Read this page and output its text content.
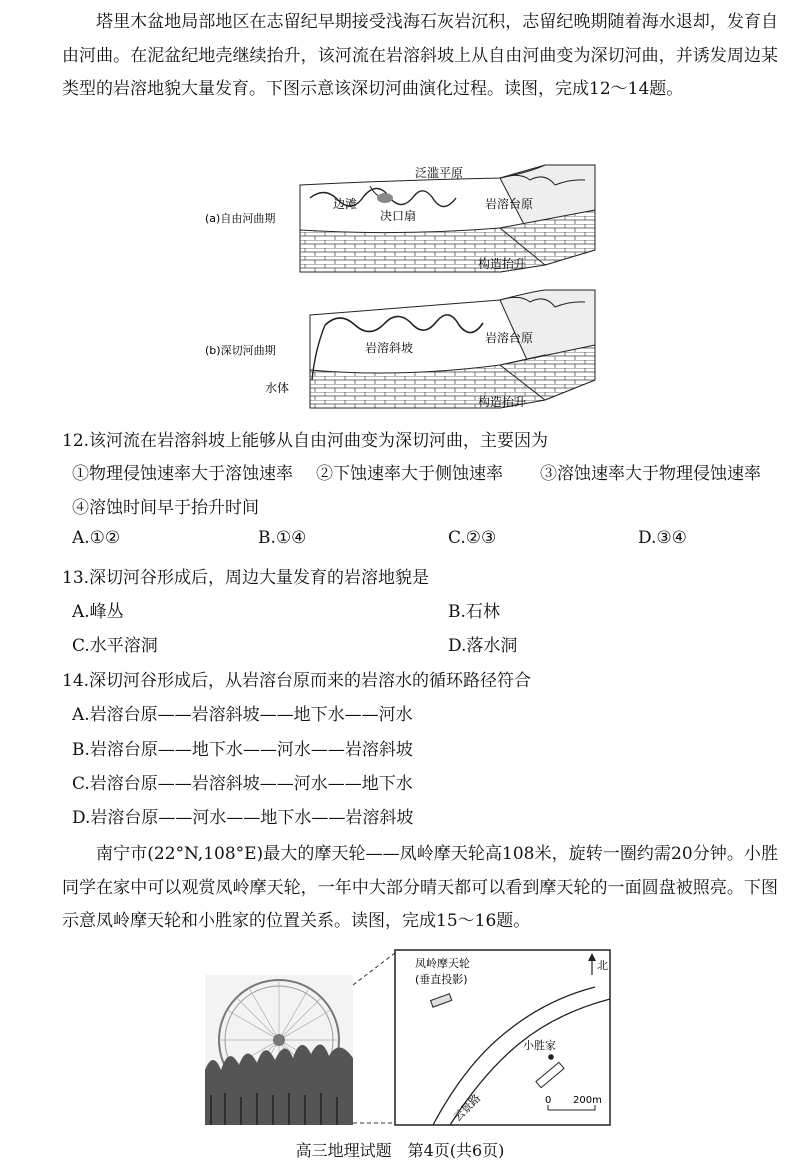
塔里木盆地局部地区在志留纪早期接受浅海石灰岩沉积，志留纪晚期随着海水退却，发育自由河曲。在泥盆纪地壳继续抬升，该河流在岩溶斜坡上从自由河曲变为深切河曲，并诱发周边某类型的岩溶地貌大量发育。下图示意该深切河曲演化过程。读图，完成12～14题。

(a)自由河曲期
(b)深切河曲期
泛滥平原
边滩
决口扇
岩溶台原
岩溶台原
岩溶斜坡
水体
构造抬升
构造抬升
12.该河流在岩溶斜坡上能够从自由河曲变为深切河曲，主要因为
①物理侵蚀速率大于溶蚀速率 ②下蚀速率大于侧蚀速率 ③溶蚀速率大于物理侵蚀速率
④溶蚀时间早于抬升时间
A.①②	B.①④	C.②③	D.③④
13.深切河谷形成后，周边大量发育的岩溶地貌是
A.峰丛	B.石林
C.水平溶洞	D.落水洞
14.深切河谷形成后，从岩溶台原而来的岩溶水的循环路径符合
A.岩溶台原——岩溶斜坡——地下水——河水
B.岩溶台原——地下水——河水——岩溶斜坡
C.岩溶台原——岩溶斜坡——河水——地下水
D.岩溶台原——河水——地下水——岩溶斜坡

南宁市(22°N,108°E)最大的摩天轮——凤岭摩天轮高108米，旋转一圈约需20分钟。小胜同学在家中可以观赏凤岭摩天轮，一年中大部分晴天都可以看到摩天轮的一面圆盘被照亮。下图示意凤岭摩天轮和小胜家的位置关系。读图，完成15～16题。

凤岭摩天轮
(垂直投影)
北
小胜家
云景路	0 200m
高三地理试题　第4页(共6页)
